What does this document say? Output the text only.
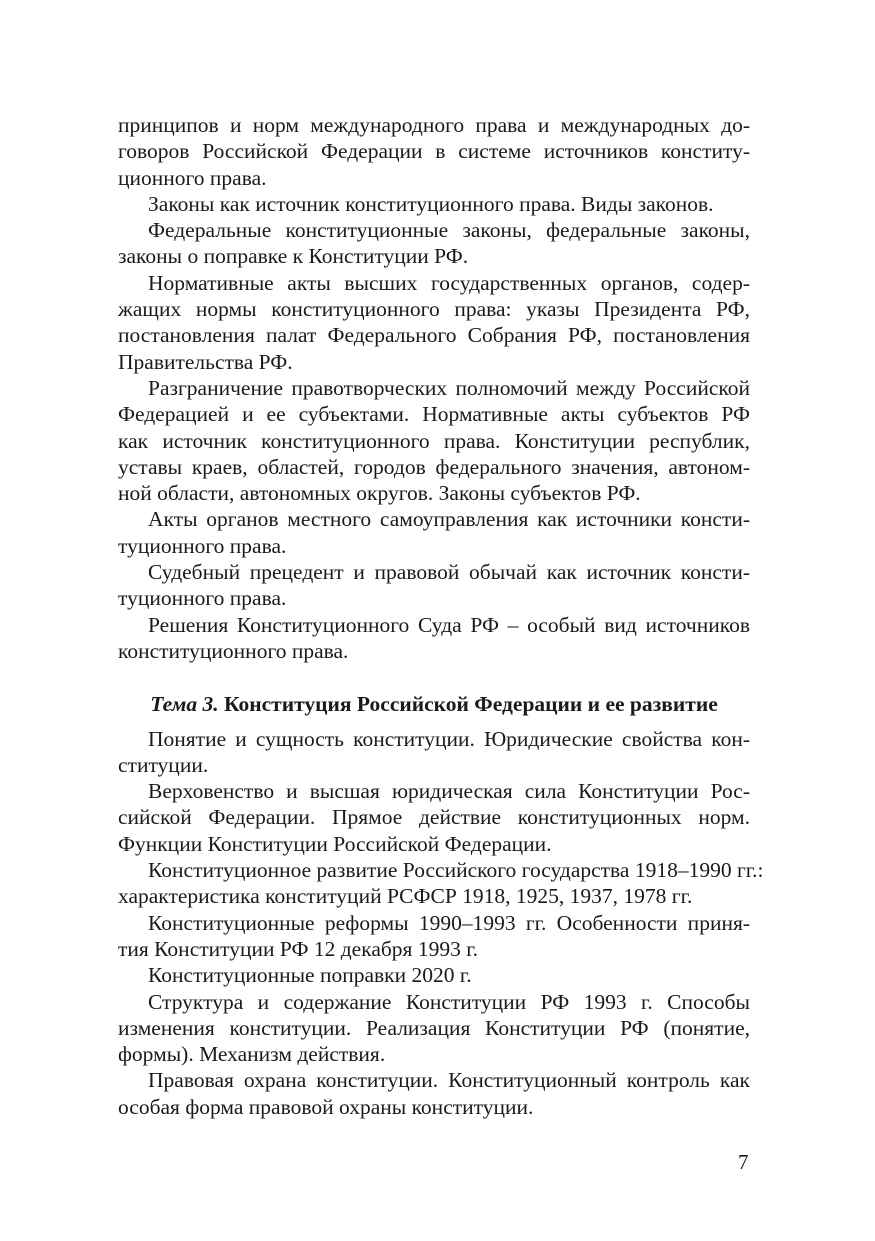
принципов и норм международного права и международных до-
говоров Российской Федерации в системе источников конститу-
ционного права.
Законы как источник конституционного права. Виды законов.
Федеральные конституционные законы, федеральные законы,
законы о поправке к Конституции РФ.
Нормативные акты высших государственных органов, содер-
жащих нормы конституционного права: указы Президента РФ,
постановления палат Федерального Собрания РФ, постановления
Правительства РФ.
Разграничение правотворческих полномочий между Российской
Федерацией и ее субъектами. Нормативные акты субъектов РФ
как источник конституционного права. Конституции республик,
уставы краев, областей, городов федерального значения, автоном-
ной области, автономных округов. Законы субъектов РФ.
Акты органов местного самоуправления как источники консти-
туционного права.
Судебный прецедент и правовой обычай как источник консти-
туционного права.
Решения Конституционного Суда РФ – особый вид источников
конституционного права.
Тема 3. Конституция Российской Федерации и ее развитие
Понятие и сущность конституции. Юридические свойства кон-
ституции.
Верховенство и высшая юридическая сила Конституции Рос-
сийской Федерации. Прямое действие конституционных норм.
Функции Конституции Российской Федерации.
Конституционное развитие Российского государства 1918–1990 гг.:
характеристика конституций РСФСР 1918, 1925, 1937, 1978 гг.
Конституционные реформы 1990–1993 гг. Особенности приня-
тия Конституции РФ 12 декабря 1993 г.
Конституционные поправки 2020 г.
Структура и содержание Конституции РФ 1993 г. Способы
изменения конституции. Реализация Конституции РФ (понятие,
формы). Механизм действия.
Правовая охрана конституции. Конституционный контроль как
особая форма правовой охраны конституции.
7
